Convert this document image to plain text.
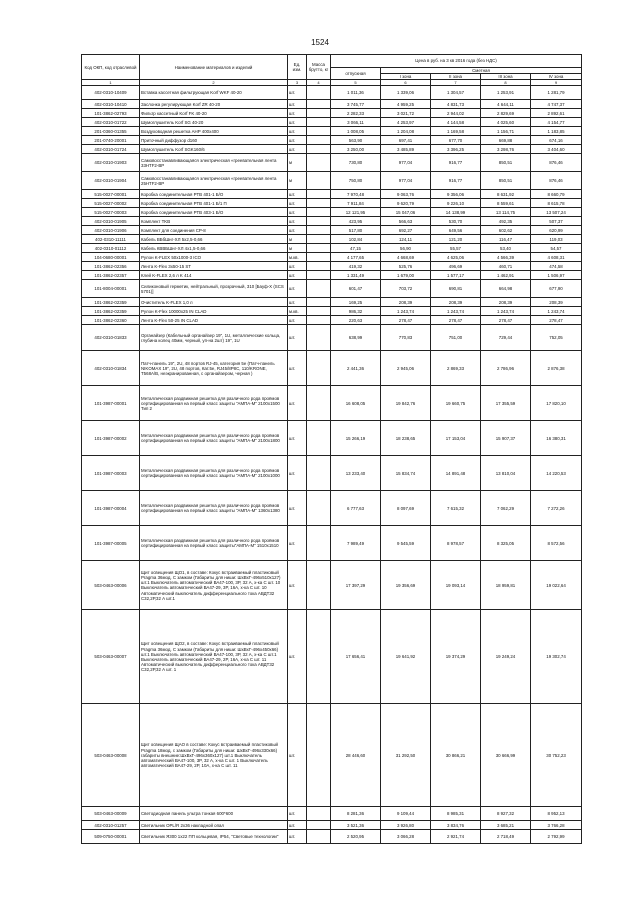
1524
Код ОКП, код отраслевой	Наименование материалов и изделий	Ед. изм.	Масса брутто, кг	Цена в руб. на 3 кв 2016 года (без НДС)				
				отпускная	Сметная			
					I зона	II зона	III зона	IV зона
1	2	3	4	5	6	7	8	9
402-0310-10409	Вставка кассетная фильтрующая Korf WKF 40-20	шт.		1 011,36	1 339,06	1 304,57	1 253,91	1 281,79
402-0310-10410	Заслонка регулирующая Korf ZR 40-20	шт.		3 745,77	4 959,25	4 831,73	4 644,11	4 747,37
101-3862-02793	Фильтр кассетный Korf FK 40-20	шт.		2 282,33	3 021,72	2 944,02	2 829,69	2 892,61
402-0310-01722	Шумоглушитель Korf SG 40-20	шт.		3 066,11	4 253,97	4 144,58	4 025,60	4 154,77
201-0360-01355	Воздуховодная решетка AHP 400x400	шт.		1 008,05	1 204,08	1 169,58	1 156,71	1 183,85
201-0740-20001	Приточный диффузор d160	шт.		563,90	697,41	677,70	669,88	674,16
402-0310-01724	Шумоглушитель Korf SGK160/6	шт.		3 250,00	3 485,89	3 396,25	3 298,76	3 404,60
402-0310-01903	Самовосстанавливающаяся электрическая «греевательная лента 33HTF2-BP	м		730,80	977,04	916,77	850,51	876,46
402-0310-01904	Самовосстанавливающаяся электрическая «греевательная лента 25HTF2-BP	м		750,80	977,04	916,77	850,51	876,46
515-0027-00001	Коробка соединительная PTB 401-1 Б/О	шт.		7 970,48	9 063,76	9 356,06	8 631,92	8 660,79
515-0027-00002	Коробка соединительная PTB 401-1 Б/1 П	шт.		7 911,84	9 620,79	9 226,10	8 559,61	8 615,78
515-0027-00003	Коробка соединительная PTB 403-1 Б/О	шт.		12 121,95	15 047,06	14 138,99	13 114,75	13 507,24
402-0310-01905	Комплект TKB	шт.		423,95	566,63	530,70	492,35	507,37
402-0310-01906	Комплект для соединения CP-8	шт.		517,80	692,27	649,56	602,62	620,99
402-0310-11111	Кабель ВБбШнг-ХЛ 5х2,5-0,66	м		102,84	124,11	121,20	116,47	119,03
402-0310-01112	Кабель КВВБШнг-ХЛ 4х1,5-0,66	м		47,15	56,90	55,57	53,40	54,57
104-0680-00001	Рулон K-FLEX 50x1000-3 ICO	м.кв.		4 177,65	4 668,69	4 625,06	4 566,39	4 608,31
101-3862-02356	Лента K-Flex 3х50-15 ST	шт.		419,32	525,76	496,69	460,71	474,58
101-3862-02357	Клей K-FLEX 2,6 л K 414	шт.		1 331,49	1 679,00	1 577,17	1 462,91	1 506,97
101-8004-00001	Силиконовый герметик, нейтральный, прозрачный, 310 [Бауф-Х (SCS 5701)]	шт.		601,47	703,72	690,81	664,98	677,90
101-3862-02359	Очиститель K-FLEX 1,0 л	шт.		169,25	208,39	208,39	208,39	208,39
101-3862-02359	Рулон K-Flex 10000x25 IN CLAD	м.кв.		986,32	1 243,74	1 243,74	1 243,74	1 243,74
101-3862-02360	Лента K-Flex 50-25 IN CLAD	шт.		220,63	278,47	278,47	278,47	278,47
402-0310-01833	Органайзер (Кабельный органайзер 19", 1U, металлические кольца, глубина колец 40мм, черный, уп-на 2шт) 19", 1U	шт.		638,99	770,83	751,00	729,44	752,05
402-0310-01834	Патч-панель 19", 2U, 48 портов RJ-45, категория 5е (Патч-панель NIKOMAX 19", 2U, 48 портов, Кат.5е, RJ45/8P8C, 110/KRONE, T568A/B, неэкранированная, с органайзером, черная )	шт.		2 441,36	2 945,06	2 869,33	2 786,96	2 876,38
101-3987-00001	Металлическая раздвижная решетка для различного рода проёмов сертифицированная на первый класс защиты "АМПА-М" 2100х1500 Тип 2	шт.		16 608,05	19 842,76	19 660,75	17 355,59	17 820,10
101-3987-00002	Металлическая раздвижная решетка для различного рода проёмов сертифицированная на первый класс защиты "АМПА-М" 2100х1800	шт.		15 266,19	18 238,65	17 153,04	15 907,37	16 380,31
101-3987-00003	Металлическая раздвижная решетка для различного рода проёмов сертифицированная на первый класс защиты "АМПА-М" 2100х1000	шт.		13 233,40	15 834,74	14 891,48	13 810,04	14 220,53
101-3987-00004	Металлическая раздвижная решетка для различного рода проёмов сертифицированная на первый класс защиты "АМПА-М" 1360х1380	шт.		6 777,63	8 097,69	7 615,32	7 062,29	7 272,26
101-3987-00005	Металлическая раздвижная решетка для различного рода проёмов сертифицированная на первый класс защиты"АМПА-М" 1510х1510	шт.		7 989,49	9 545,59	8 978,57	8 325,05	8 572,56
503-0463-00006	Щит освещения ЩО1, в составе: Кокус встраиваемый пластиковый Pragma 36мод. С замком (Габариты для ниши: ШхВхГ-496х510х127) шт.1 Выключатель автоматический ВА47-100, 3P, 32 А, х-ка С шт. 10 Выключатель автоматический ВА47-29, 3P, 16А, х-ка С шт. 10 Автоматический выключатель дифференциального тока АВДТ32 С32,2Р,32 А шт.1	шт.		17 397,29	19 356,69	19 093,14	18 959,81	19 022,64
503-0463-00007	Щит освещения ЩО2, в составе: Кокус встраиваемый пластиковый Pragma 36мод. С замком (Габариты для ниши: ШхВхГ-496х450х66) шт.1 Выключатель автоматический ВА47-100, 3P, 32 А, х-ка С шт.1 Выключатель автоматический ВА47-29, 2P, 16А, х-ка С шт. 11 Автоматический выключатель дифференциального тока АВДТ32 С32,2Р,32 А шт. 1	шт.		17 656,41	19 641,92	19 374,29	19 249,24	19 302,74
503-0463-00008	Щит освещения ЩАО в составе: Кокус встраиваемый пластиковый Pragma 18мод. с замком (Габариты для ниши: ШхВхГ-496х330х66) габариты внешние:ШхВхГ-496х360х127) шт.1 Выключатель автоматический ВА47-100, 3P, 32 А, х-ка С шт. 1 Выключатель автоматический ВА47-29, 2P, 10А, х-ка С шт. 11	шт.		28 446,60	31 292,50	30 866,21	30 666,99	30 752,23
503-0463-00009	Светодиодная панель ультра тонкая 600*600	шт.		8 281,36	9 109,44	8 985,31	8 927,32	8 952,13
402-0310-01257	Светильник OPL/R 2x36 накладной опал	шт.		3 521,36	3 926,80	3 834,76	3 685,21	3 766,28
509-0750-00001	Светильник Я300 1х22 ПП кольцевая, IP54, "Световые технологии"	шт.		2 520,95	3 066,28	2 921,74	2 718,49	2 792,99
